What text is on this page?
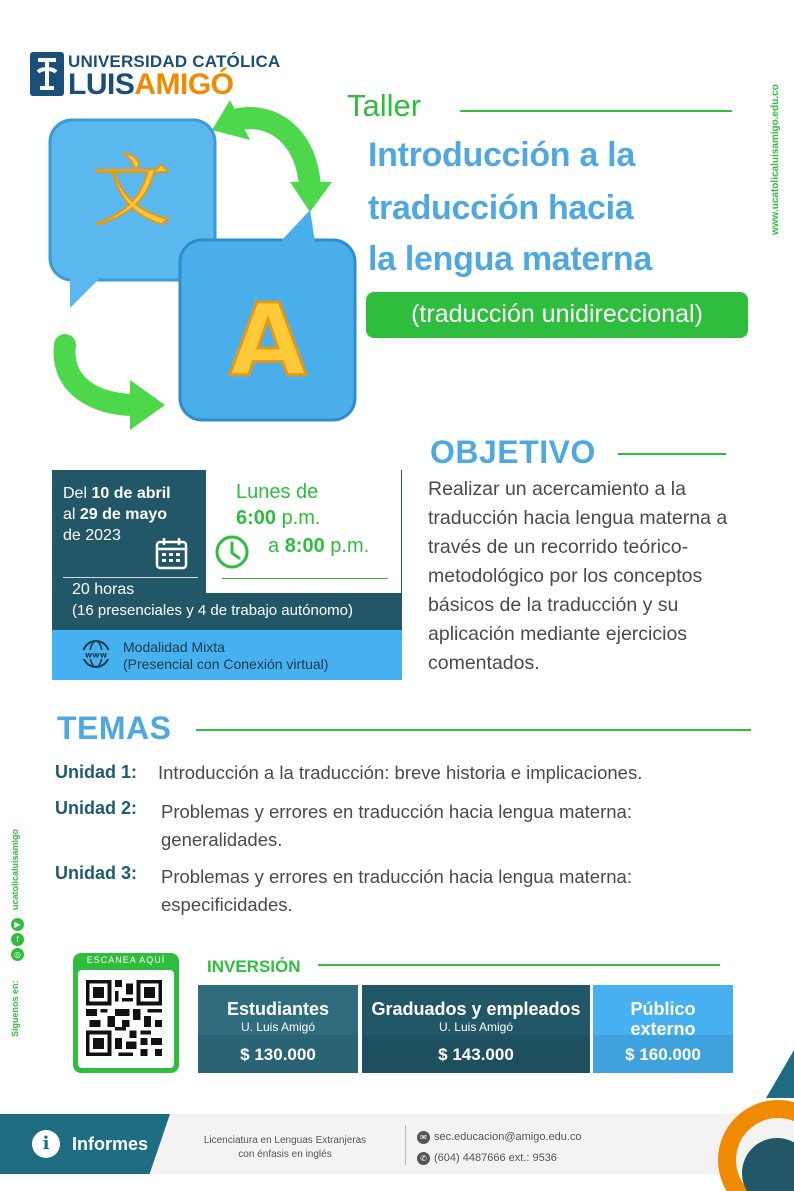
UNIVERSIDAD CATÓLICA
LUISAMIGÓ	www.ucatolicaluisamigo.edu.co
ucatolicaluisamigo
▶
f
◎
Síguenos en:
文
A
Taller
Introducción a la
traducción hacia
la lengua materna
(traducción unidireccional)
Del 10 de abril
al 29 de mayo
de 2023
Lunes de
6:00 p.m.
a 8:00 p.m.
20 horas
(16 presenciales y 4 de trabajo autónomo)
www Modalidad Mixta
(Presencial con Conexión virtual)
OBJETIVO
Realizar un acercamiento a la traducción hacia lengua materna a través de un recorrido teórico-metodológico por los conceptos básicos de la traducción y su aplicación mediante ejercicios comentados.
TEMAS
Unidad 1: Introducción a la traducción: breve historia e implicaciones.
Unidad 2: Problemas y errores en traducción hacia lengua materna:
generalidades.
Unidad 3: Problemas y errores en traducción hacia lengua materna:
especificidades.
ESCANEA AQUÍ	INVERSIÓN
Estudiantes
U. Luis Amigó
$ 130.000
Graduados y empleados
U. Luis Amigó
$ 143.000
Público
externo
$ 160.000
i	Informes	Licenciatura en Lenguas Extranjeras
con énfasis en inglés
✉ sec.educacion@amigo.edu.co
✆ (604) 4487666 ext.: 9536
